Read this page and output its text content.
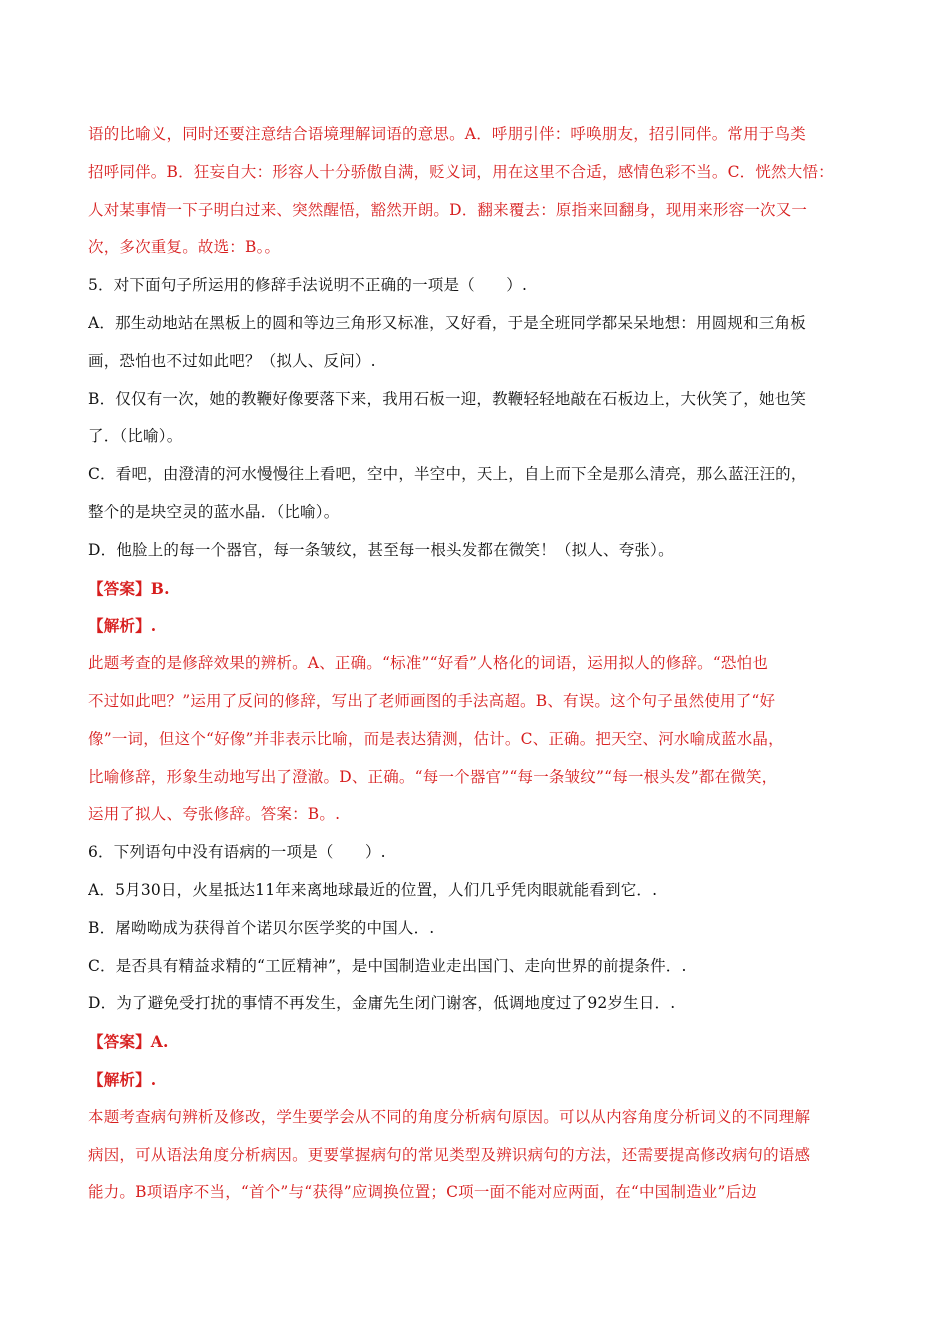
语的比喻义，同时还要注意结合语境理解词语的意思。A．呼朋引伴：呼唤朋友，招引同伴。常用于鸟类
招呼同伴。B．狂妄自大：形容人十分骄傲自满，贬义词，用在这里不合适，感情色彩不当。C．恍然大悟：
人对某事情一下子明白过来、突然醒悟，豁然开朗。D．翻来覆去：原指来回翻身，现用来形容一次又一
次，多次重复。故选：B。。
5．对下面句子所运用的修辞手法说明不正确的一项是（　　）.
A．那生动地站在黑板上的圆和等边三角形又标准，又好看，于是全班同学都呆呆地想：用圆规和三角板
画，恐怕也不过如此吧？（拟人、反问）.
B．仅仅有一次，她的教鞭好像要落下来，我用石板一迎，教鞭轻轻地敲在石板边上，大伙笑了，她也笑
了．（比喻）。
C．看吧，由澄清的河水慢慢往上看吧，空中，半空中，天上，自上而下全是那么清亮，那么蓝汪汪的，
整个的是块空灵的蓝水晶．（比喻）。
D．他脸上的每一个器官，每一条皱纹，甚至每一根头发都在微笑！（拟人、夸张）。
【答案】B.
【解析】.
此题考查的是修辞效果的辨析。A、正确。“标准”“好看”人格化的词语，运用拟人的修辞。“恐怕也
不过如此吧？”运用了反问的修辞，写出了老师画图的手法高超。B、有误。这个句子虽然使用了“好
像”一词，但这个“好像”并非表示比喻，而是表达猜测，估计。C、正确。把天空、河水喻成蓝水晶，
比喻修辞，形象生动地写出了澄澈。D、正确。“每一个器官”“每一条皱纹”“每一根头发”都在微笑，
运用了拟人、夸张修辞。答案：B。.
6．下列语句中没有语病的一项是（　　）.
A．5月30日，火星抵达11年来离地球最近的位置，人们几乎凭肉眼就能看到它．.
B．屠呦呦成为获得首个诺贝尔医学奖的中国人．.
C．是否具有精益求精的“工匠精神”，是中国制造业走出国门、走向世界的前提条件．.
D．为了避免受打扰的事情不再发生，金庸先生闭门谢客，低调地度过了92岁生日．.
【答案】A.
【解析】.
本题考查病句辨析及修改，学生要学会从不同的角度分析病句原因。可以从内容角度分析词义的不同理解
病因，可从语法角度分析病因。更要掌握病句的常见类型及辨识病句的方法，还需要提高修改病句的语感
能力。B项语序不当，“首个”与“获得”应调换位置；C项一面不能对应两面，在“中国制造业”后边
